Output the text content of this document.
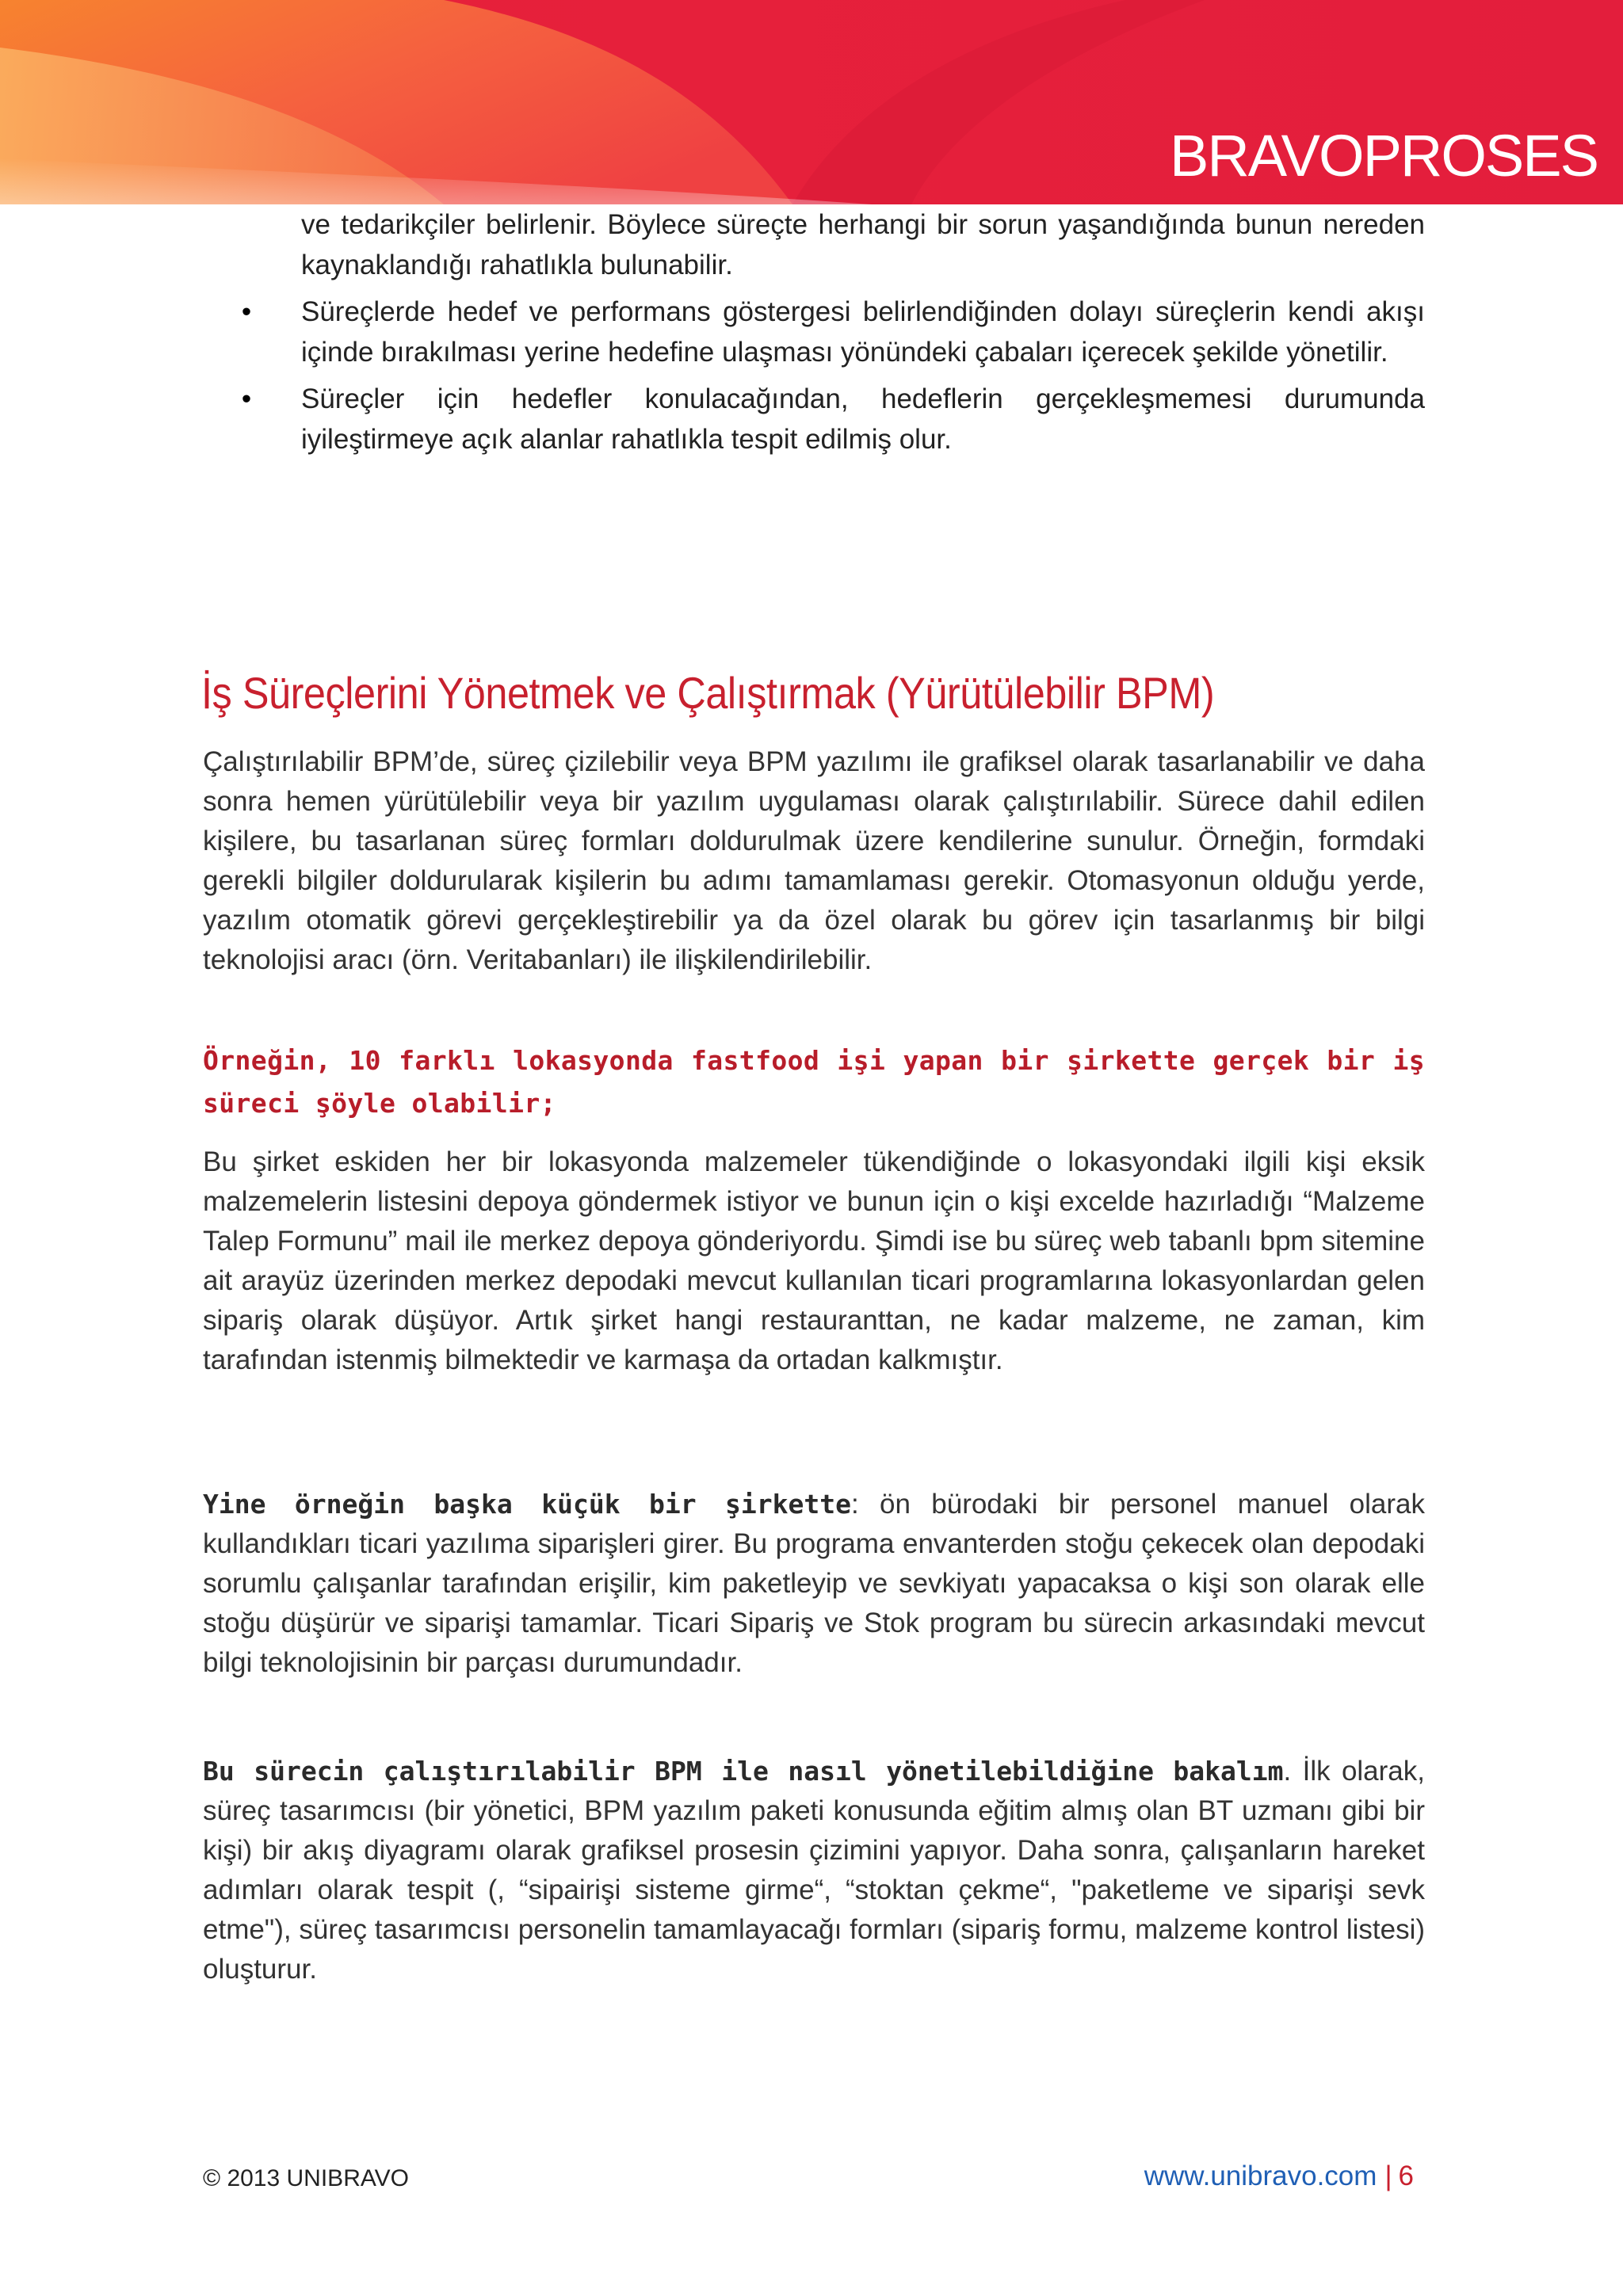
BRAVOPROSES
ve tedarikçiler belirlenir. Böylece süreçte herhangi bir sorun yaşandığında bunun nereden kaynaklandığı rahatlıkla bulunabilir.
• Süreçlerde hedef ve performans göstergesi belirlendiğinden dolayı süreçlerin kendi akışı içinde bırakılması yerine hedefine ulaşması yönündeki çabaları içerecek şekilde yönetilir.
• Süreçler için hedefler konulacağından, hedeflerin gerçekleşmemesi durumunda iyileştirmeye açık alanlar rahatlıkla tespit edilmiş olur.
İş Süreçlerini Yönetmek ve Çalıştırmak (Yürütülebilir BPM)
Çalıştırılabilir BPM’de, süreç çizilebilir veya BPM yazılımı ile grafiksel olarak tasarlanabilir ve daha sonra hemen yürütülebilir veya bir yazılım uygulaması olarak çalıştırılabilir. Sürece dahil edilen kişilere, bu tasarlanan süreç formları doldurulmak üzere kendilerine sunulur. Örneğin, formdaki gerekli bilgiler doldurularak kişilerin bu adımı tamamlaması gerekir. Otomasyonun olduğu yerde, yazılım otomatik görevi gerçekleştirebilir ya da özel olarak bu görev için tasarlanmış bir bilgi teknolojisi aracı (örn. Veritabanları) ile ilişkilendirilebilir.
Örneğin, 10 farklı lokasyonda fastfood işi yapan bir şirkette gerçek bir iş süreci şöyle olabilir;
Bu şirket eskiden her bir lokasyonda malzemeler tükendiğinde o lokasyondaki ilgili kişi eksik malzemelerin listesini depoya göndermek istiyor ve bunun için o kişi excelde hazırladığı “Malzeme Talep Formunu” mail ile merkez depoya gönderiyordu. Şimdi ise bu süreç web tabanlı bpm sitemine ait arayüz üzerinden merkez depodaki mevcut kullanılan ticari programlarına lokasyonlardan gelen sipariş olarak düşüyor. Artık şirket hangi restauranttan, ne kadar malzeme, ne zaman, kim tarafından istenmiş bilmektedir ve karmaşa da ortadan kalkmıştır.
Yine örneğin başka küçük bir şirkette: ön bürodaki bir personel manuel olarak kullandıkları ticari yazılıma siparişleri girer. Bu programa envanterden stoğu çekecek olan depodaki sorumlu çalışanlar tarafından erişilir, kim paketleyip ve sevkiyatı yapacaksa o kişi son olarak elle stoğu düşürür ve siparişi tamamlar. Ticari Sipariş ve Stok program bu sürecin arkasındaki mevcut bilgi teknolojisinin bir parçası durumundadır.
Bu sürecin çalıştırılabilir BPM ile nasıl yönetilebildiğine bakalım. İlk olarak, süreç tasarımcısı (bir yönetici, BPM yazılım paketi konusunda eğitim almış olan BT uzmanı gibi bir kişi) bir akış diyagramı olarak grafiksel prosesin çizimini yapıyor. Daha sonra, çalışanların hareket adımları olarak tespit (, “sipairişi sisteme girme“, “stoktan çekme“, "paketleme ve siparişi sevk etme"), süreç tasarımcısı personelin tamamlayacağı formları (sipariş formu, malzeme kontrol listesi) oluşturur.
© 2013 UNIBRAVO	www.unibravo.com | 6
